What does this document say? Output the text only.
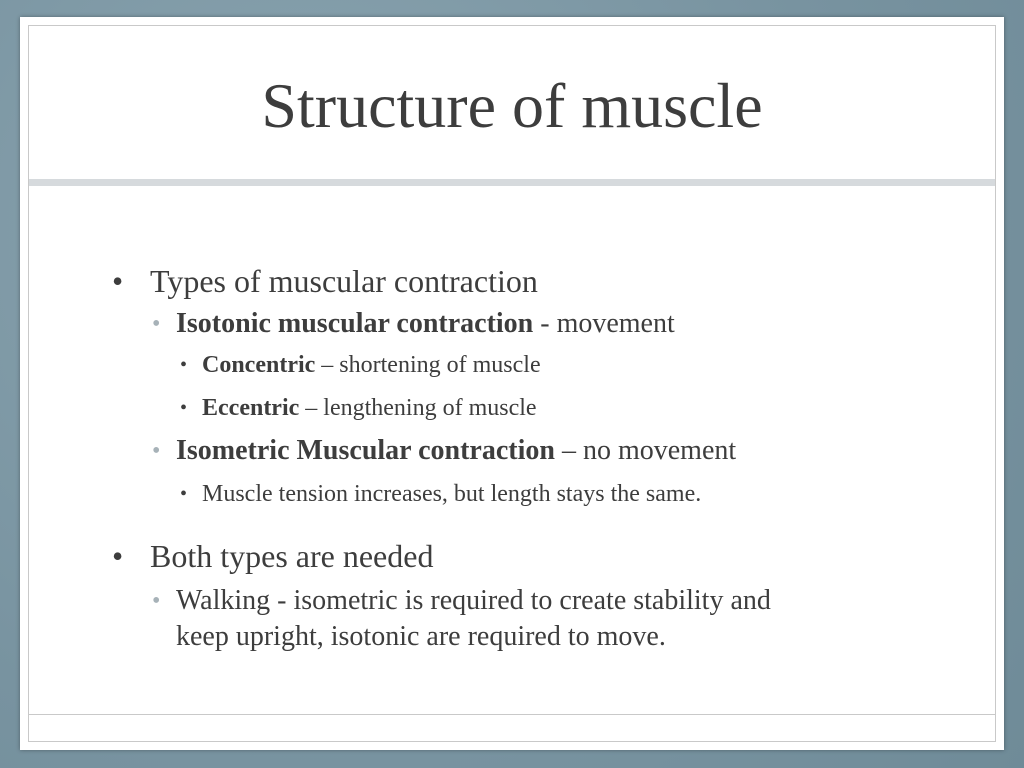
Structure of muscle
• Types of muscular contraction
• Isotonic muscular contraction - movement
• Concentric – shortening of muscle
• Eccentric – lengthening of muscle
• Isometric Muscular contraction – no movement
• Muscle tension increases, but length stays the same.
• Both types are needed
• Walking - isometric is required to create stability and
keep upright, isotonic are required to move.
